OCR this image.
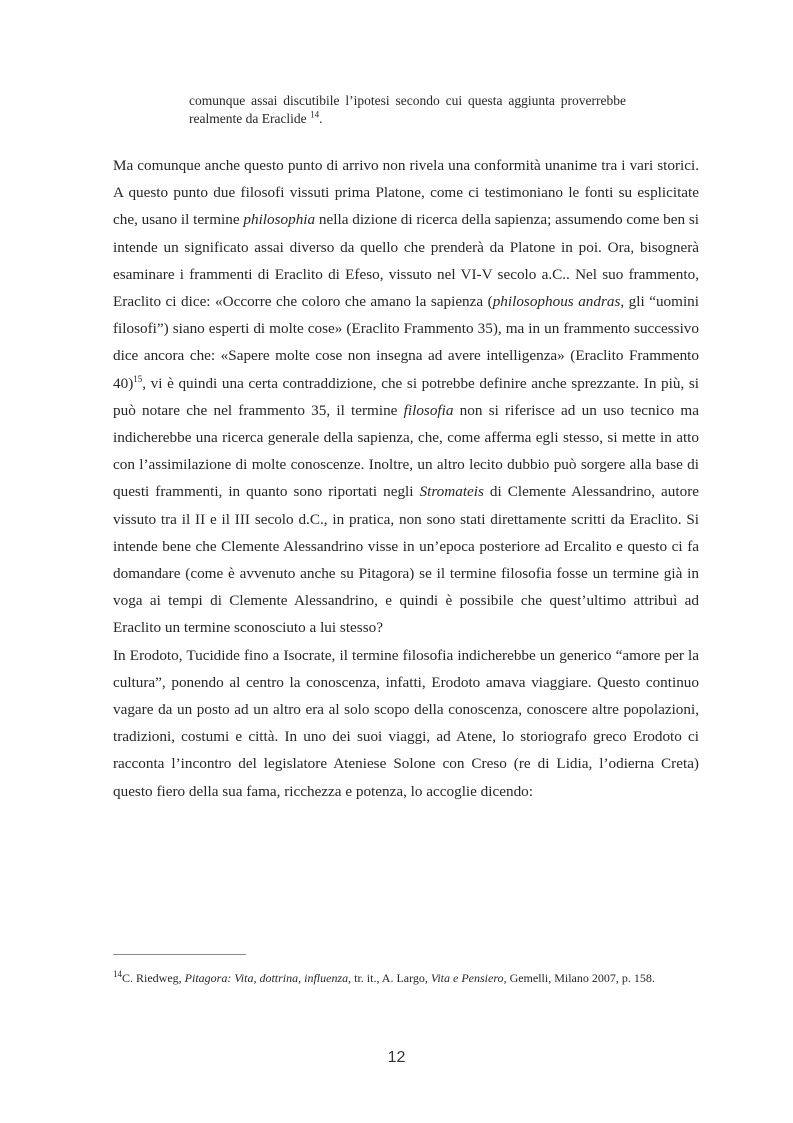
comunque assai discutibile l’ipotesi secondo cui questa aggiunta proverrebbe realmente da Eraclide $^{14}$.

Ma comunque anche questo punto di arrivo non rivela una conformità unanime tra i vari storici. A questo punto due filosofi vissuti prima Platone, come ci testimoniano le fonti su esplicitate che, usano il termine philosophia nella dizione di ricerca della sapienza; assumendo come ben si intende un significato assai diverso da quello che prenderà da Platone in poi. Ora, bisognerà esaminare i frammenti di Eraclito di Efeso, vissuto nel VI-V secolo a.C.. Nel suo frammento, Eraclito ci dice: «Occorre che coloro che amano la sapienza (philosophous andras, gli “uomini filosofi”) siano esperti di molte cose» (Eraclito Frammento 35), ma in un frammento successivo dice ancora che: «Sapere molte cose non insegna ad avere intelligenza» (Eraclito Frammento 40)$^{15}$, vi è quindi una certa contraddizione, che si potrebbe definire anche sprezzante. In più, si può notare che nel frammento 35, il termine filosofia non si riferisce ad un uso tecnico ma indicherebbe una ricerca generale della sapienza, che, come afferma egli stesso, si mette in atto con l’assimilazione di molte conoscenze. Inoltre, un altro lecito dubbio può sorgere alla base di questi frammenti, in quanto sono riportati negli Stromateis di Clemente Alessandrino, autore vissuto tra il II e il III secolo d.C., in pratica, non sono stati direttamente scritti da Eraclito. Si intende bene che Clemente Alessandrino visse in un’epoca posteriore ad Ercalito e questo ci fa domandare (come è avvenuto anche su Pitagora) se il termine filosofia fosse un termine già in voga ai tempi di Clemente Alessandrino, e quindi è possibile che quest’ultimo attribuì ad Eraclito un termine sconosciuto a lui stesso?

In Erodoto, Tucidide fino a Isocrate, il termine filosofia indicherebbe un generico “amore per la cultura”, ponendo al centro la conoscenza, infatti, Erodoto amava viaggiare. Questo continuo vagare da un posto ad un altro era al solo scopo della conoscenza, conoscere altre popolazioni, tradizioni, costumi e città. In uno dei suoi viaggi, ad Atene, lo storiografo greco Erodoto ci racconta l’incontro del legislatore Ateniese Solone con Creso (re di Lidia, l’odierna Creta) questo fiero della sua fama, ricchezza e potenza, lo accoglie dicendo:

$^{14}$C. Riedweg, Pitagora: Vita, dottrina, influenza, tr. it., A. Largo, Vita e Pensiero, Gemelli, Milano 2007, p. 158.

12
